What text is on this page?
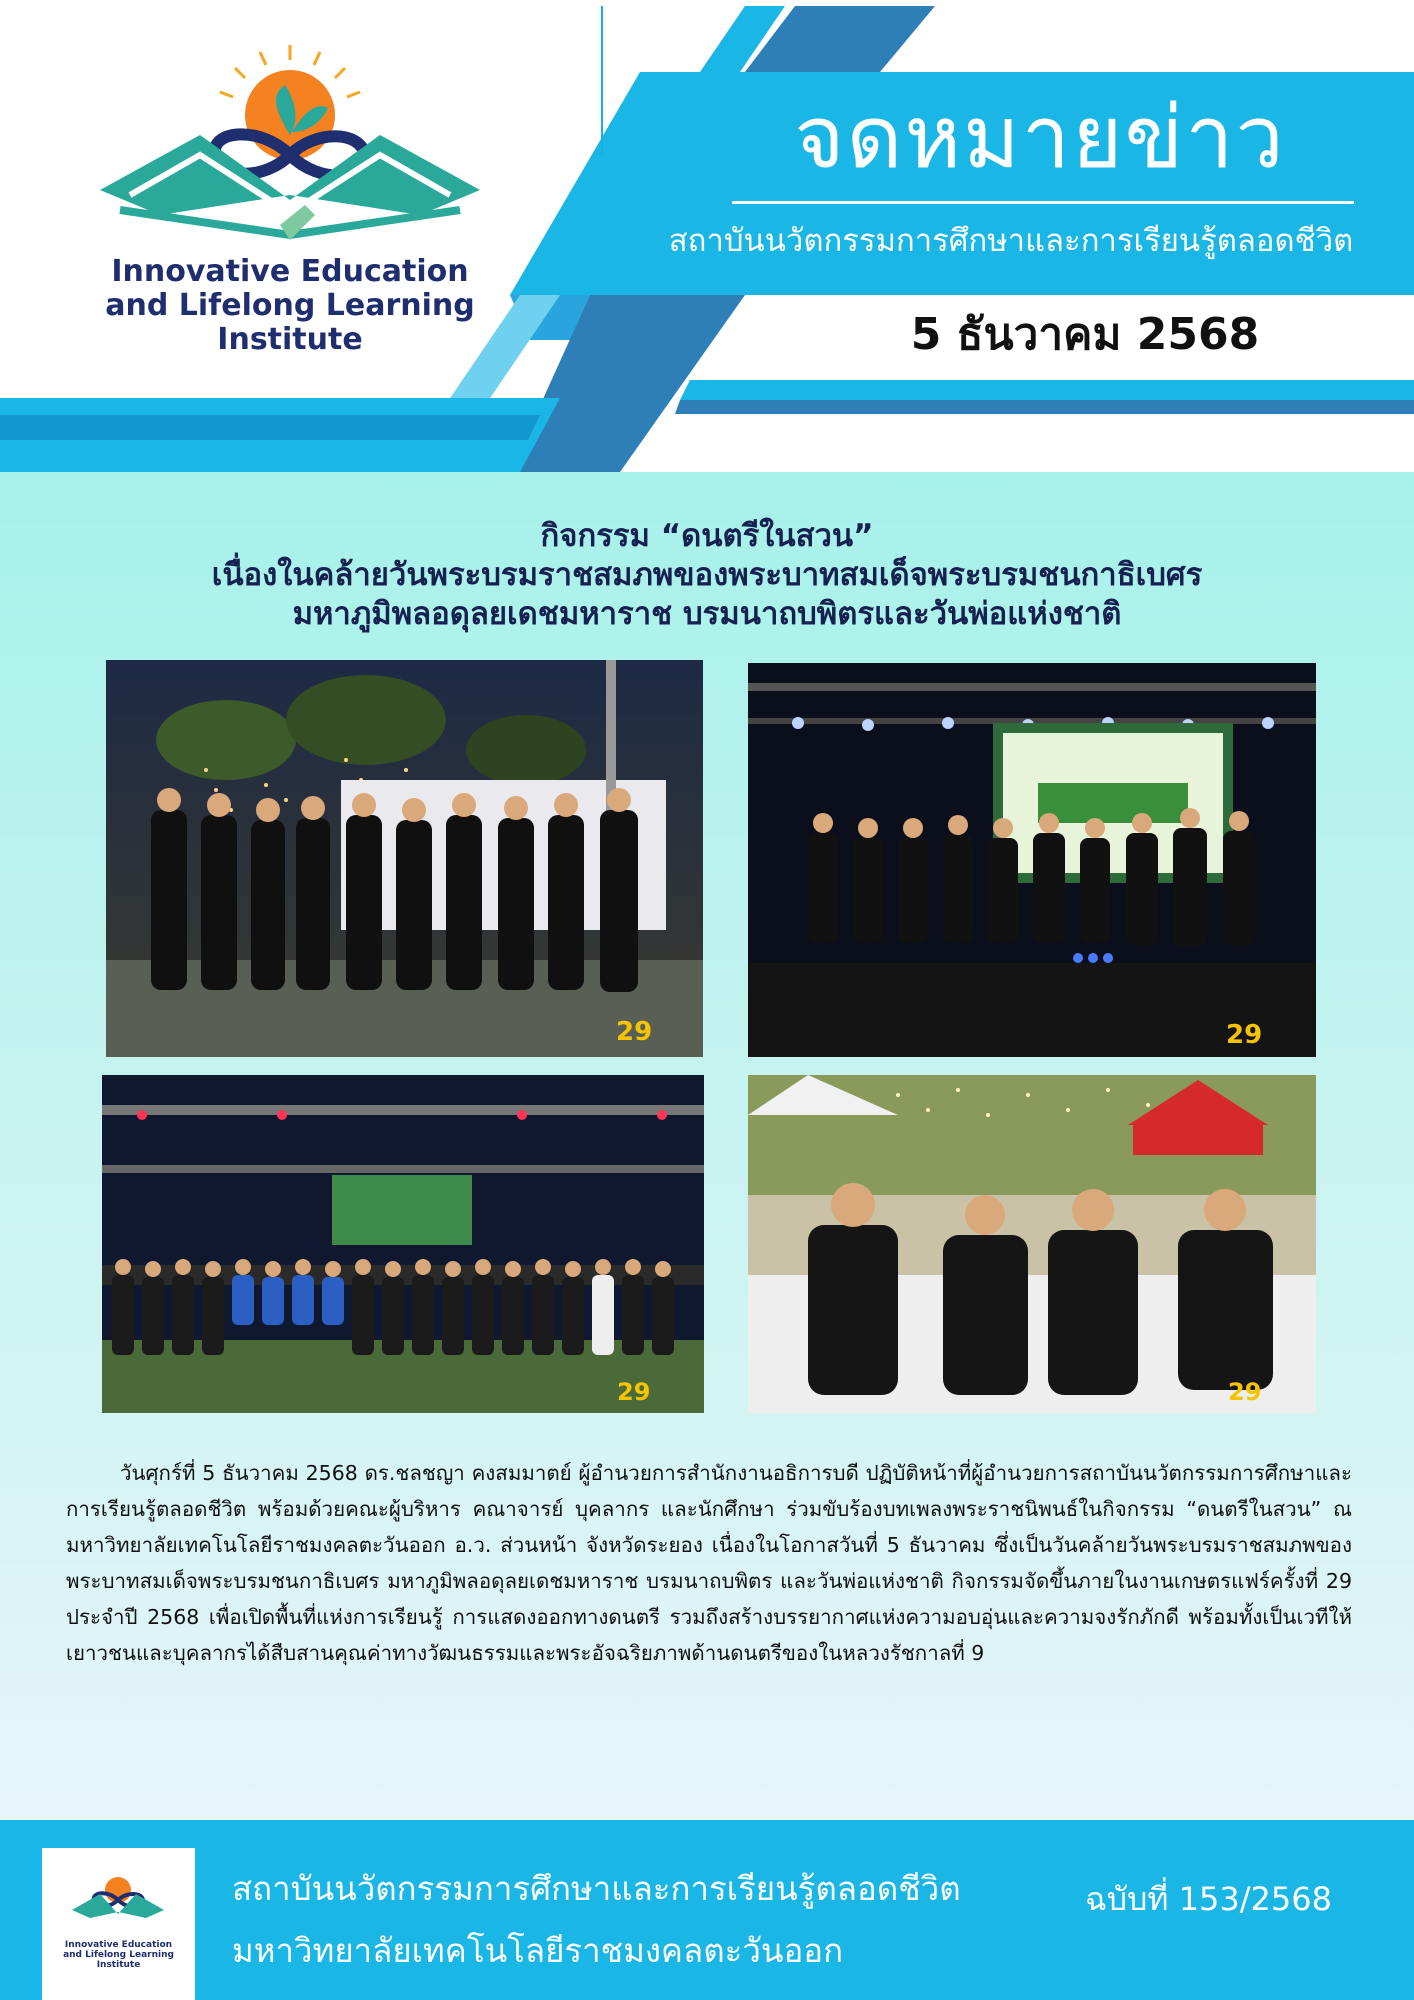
Innovative Education
and Lifelong Learning
Institute
จดหมายข่าว
สถาบันนวัตกรรมการศึกษาและการเรียนรู้ตลอดชีวิต
5 ธันวาคม 2568
กิจกรรม “ดนตรีในสวน”
เนื่องในคล้ายวันพระบรมราชสมภพของพระบาทสมเด็จพระบรมชนกาธิเบศร
มหาภูมิพลอดุลยเดชมหาราช บรมนาถบพิตรและวันพ่อแห่งชาติ
29	29
29	29
วันศุกร์ที่ 5 ธันวาคม 2568 ดร.ชลชญา คงสมมาตย์ ผู้อำนวยการสำนักงานอธิการบดี ปฏิบัติหน้าที่ผู้อำนวยการสถาบันนวัตกรรมการศึกษาและการเรียนรู้ตลอดชีวิต พร้อมด้วยคณะผู้บริหาร คณาจารย์ บุคลากร และนักศึกษา ร่วมขับร้องบทเพลงพระราชนิพนธ์ในกิจกรรม “ดนตรีในสวน” ณ มหาวิทยาลัยเทคโนโลยีราชมงคลตะวันออก อ.ว. ส่วนหน้า จังหวัดระยอง เนื่องในโอกาสวันที่ 5 ธันวาคม ซึ่งเป็นวันคล้ายวันพระบรมราชสมภพของพระบาทสมเด็จพระบรมชนกาธิเบศร มหาภูมิพลอดุลยเดชมหาราช บรมนาถบพิตร และวันพ่อแห่งชาติ กิจกรรมจัดขึ้นภายในงานเกษตรแฟร์ครั้งที่ 29 ประจำปี 2568 เพื่อเปิดพื้นที่แห่งการเรียนรู้ การแสดงออกทางดนตรี รวมถึงสร้างบรรยากาศแห่งความอบอุ่นและความจงรักภักดี พร้อมทั้งเป็นเวทีให้เยาวชนและบุคลากรได้สืบสานคุณค่าทางวัฒนธรรมและพระอัจฉริยภาพด้านดนตรีของในหลวงรัชกาลที่ 9
Innovative Education
and Lifelong Learning
Institute
สถาบันนวัตกรรมการศึกษาและการเรียนรู้ตลอดชีวิต
มหาวิทยาลัยเทคโนโลยีราชมงคลตะวันออก
ฉบับที่ 153/2568
